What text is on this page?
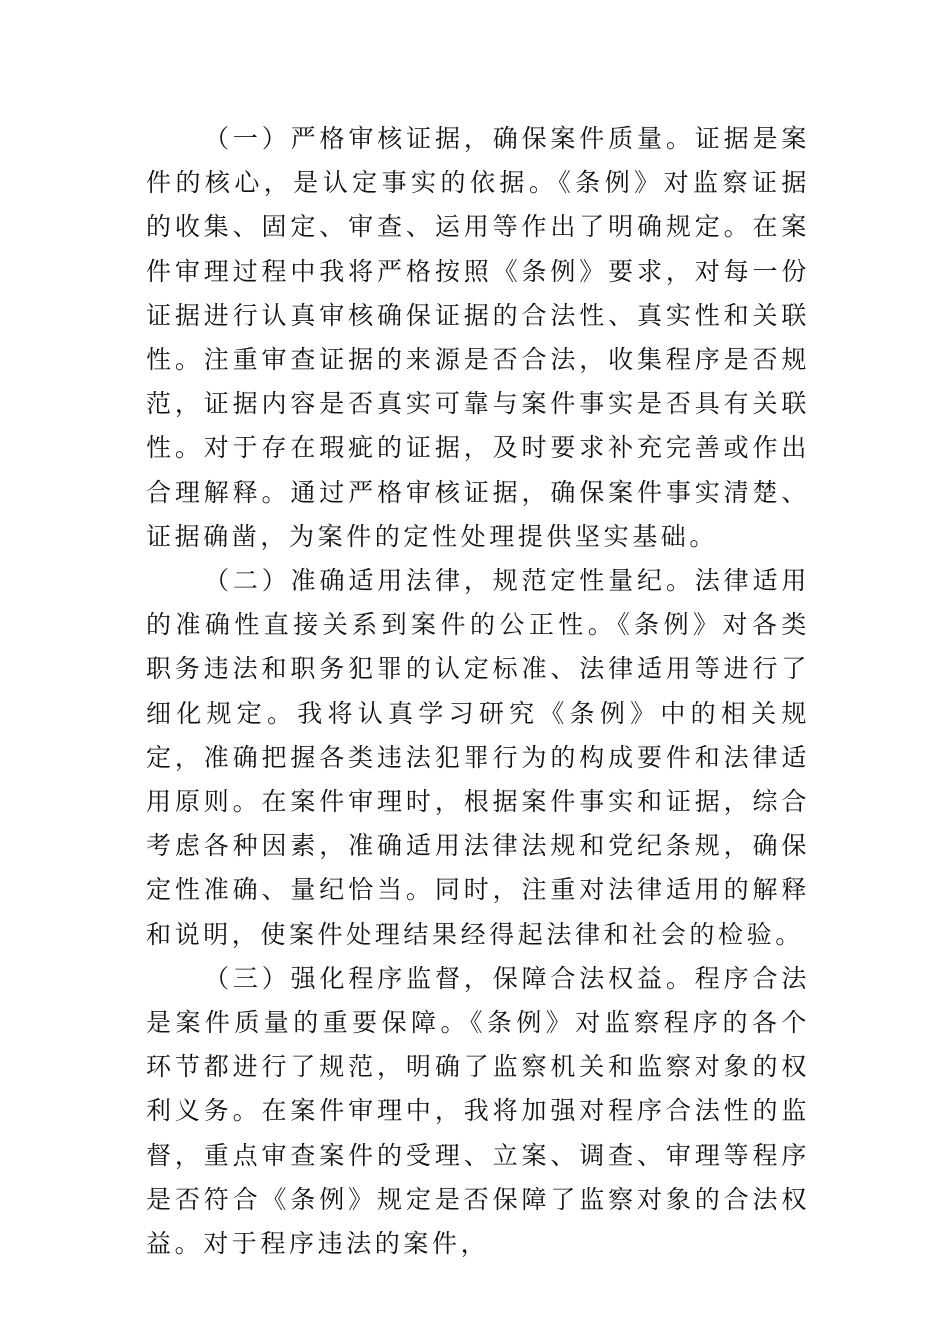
（一）严格审核证据，确保案件质量。证据是案件的核心，是认定事实的依据。《条例》对监察证据的收集、固定、审查、运用等作出了明确规定。在案件审理过程中我将严格按照《条例》要求，对每一份证据进行认真审核确保证据的合法性、真实性和关联性。注重审查证据的来源是否合法，收集程序是否规范，证据内容是否真实可靠与案件事实是否具有关联性。对于存在瑕疵的证据，及时要求补充完善或作出合理解释。通过严格审核证据，确保案件事实清楚、证据确凿，为案件的定性处理提供坚实基础。

（二）准确适用法律，规范定性量纪。法律适用的准确性直接关系到案件的公正性。《条例》对各类职务违法和职务犯罪的认定标准、法律适用等进行了细化规定。我将认真学习研究《条例》中的相关规定，准确把握各类违法犯罪行为的构成要件和法律适用原则。在案件审理时，根据案件事实和证据，综合考虑各种因素，准确适用法律法规和党纪条规，确保定性准确、量纪恰当。同时，注重对法律适用的解释和说明，使案件处理结果经得起法律和社会的检验。

（三）强化程序监督，保障合法权益。程序合法是案件质量的重要保障。《条例》对监察程序的各个环节都进行了规范，明确了监察机关和监察对象的权利义务。在案件审理中，我将加强对程序合法性的监督，重点审查案件的受理、立案、调查、审理等程序是否符合《条例》规定是否保障了监察对象的合法权益。对于程序违法的案件，
